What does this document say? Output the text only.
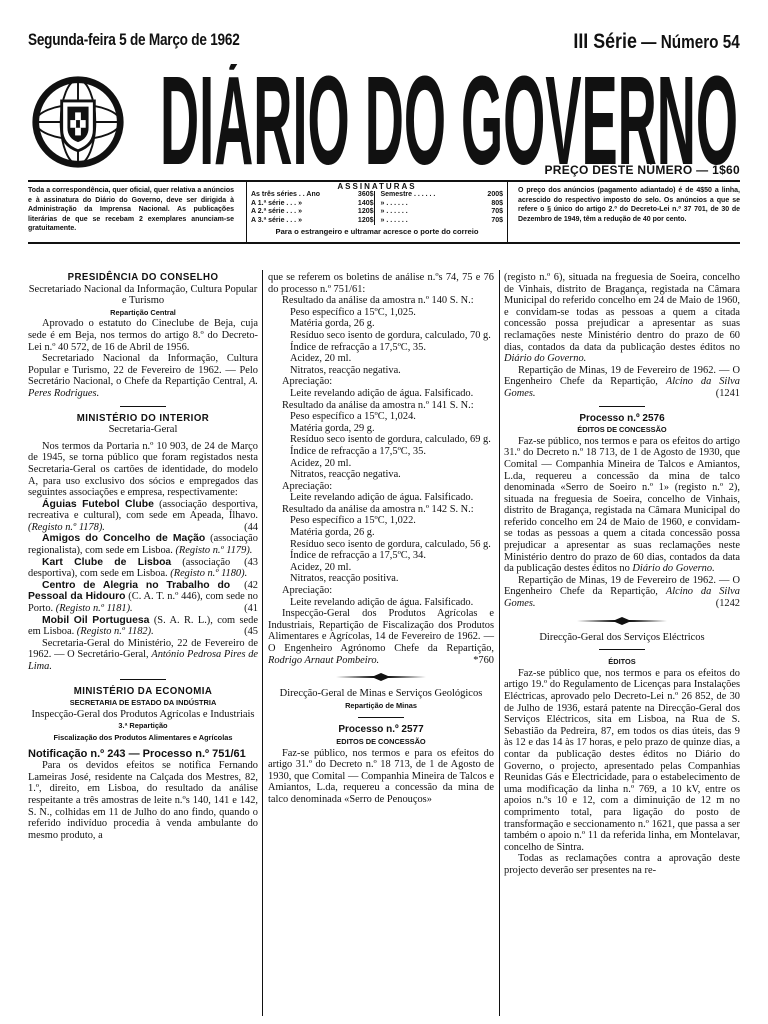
Segunda-feira 5 de Março de 1962	III Série — Número 54
DIÁRIO DO GOVERNO
PREÇO DESTE NÚMERO — 1$60
Toda a correspondência, quer oficial, quer relativa a anúncios e à assinatura do Diário do Governo, deve ser dirigida à Administração da Imprensa Nacional. As publicações literárias de que se recebam 2 exemplares anunciam-se gratuitamente.
ASSINATURAS
As três séries . . Ano	360$
A 1.ª série . . . »	140$
A 2.ª série . . . »	120$
A 3.ª série . . . »	120$
Semestre . . . . . .	200$
» . . . . . .	80$
» . . . . . .	70$
» . . . . . .	70$
Para o estrangeiro e ultramar acresce o porte do correio
O preço dos anúncios (pagamento adiantado) é de 4$50 a linha, acrescido do respectivo imposto do selo. Os anúncios a que se refere o § único do artigo 2.º do Decreto-Lei n.º 37 701, de 30 de Dezembro de 1949, têm a redução de 40 por cento.
PRESIDÊNCIA DO CONSELHO
Secretariado Nacional da Informação, Cultura Popular e Turismo
Repartição Central

Aprovado o estatuto do Cineclube de Beja, cuja sede é em Beja, nos termos do artigo 8.º do Decreto-Lei n.º 40 572, de 16 de Abril de 1956.

Secretariado Nacional da Informação, Cultura Popular e Turismo, 22 de Fevereiro de 1962. — Pelo Secretário Nacional, o Chefe da Repartição Central, A. Peres Rodrigues.

MINISTÉRIO DO INTERIOR
Secretaria-Geral

Nos termos da Portaria n.º 10 903, de 24 de Março de 1945, se torna público que foram registados nesta Secretaria-Geral os cartões de identidade, do modelo A, para uso exclusivo dos sócios e empregados das seguintes associações e empresa, respectivamente:

Águias Futebol Clube (associação desportiva, recreativa e cultural), com sede em Apeada, Ílhavo. (Registo n.º 1178).	(44

Amigos do Concelho de Mação (associação regionalista), com sede em Lisboa. (Registo n.º 1179).
(43

Kart Clube de Lisboa (associação desportiva), com sede em Lisboa. (Registo n.º 1180).
(42

Centro de Alegria no Trabalho do Pessoal da Hidouro (C. A. T. n.º 446), com sede no Porto. (Registo n.º 1181).	(41

Mobil Oil Portuguesa (S. A. R. L.), com sede em Lisboa. (Registo n.º 1182).	(45

Secretaria-Geral do Ministério, 22 de Fevereiro de 1962. — O Secretário-Geral, António Pedrosa Pires de Lima.

MINISTÉRIO DA ECONOMIA
SECRETARIA DE ESTADO DA INDÚSTRIA
Inspecção-Geral dos Produtos Agrícolas e Industriais
3.ª Repartição
Fiscalização dos Produtos Alimentares e Agrícolas
Notificação n.º 243 — Processo n.º 751/61

Para os devidos efeitos se notifica Fernando Lameiras José, residente na Calçada dos Mestres, 82, 1.º, direito, em Lisboa, do resultado da análise respeitante a três amostras de leite n.ºs 140, 141 e 142, S. N., colhidas em 11 de Julho do ano findo, quando o referido indivíduo procedia à venda ambulante do mesmo produto, a

que se referem os boletins de análise n.ºs 74, 75 e 76 do processo n.º 751/61:

Resultado da análise da amostra n.º 140 S. N.:

Peso específico a 15ºC, 1,025.

Matéria gorda, 26 g.

Resíduo seco isento de gordura, calculado, 70 g.

Índice de refracção a 17,5ºC, 35.

Acidez, 20 ml.

Nitratos, reacção negativa.

Apreciação:

Leite revelando adição de água. Falsificado.

Resultado da análise da amostra n.º 141 S. N.:

Peso específico a 15ºC, 1,024.

Matéria gorda, 29 g.

Resíduo seco isento de gordura, calculado, 69 g.

Índice de refracção a 17,5ºC, 35.

Acidez, 20 ml.

Nitratos, reacção negativa.

Apreciação:

Leite revelando adição de água. Falsificado.

Resultado da análise da amostra n.º 142 S. N.:

Peso específico a 15ºC, 1,022.

Matéria gorda, 26 g.

Resíduo seco isento de gordura, calculado, 56 g.

Índice de refracção a 17,5ºC, 34.

Acidez, 20 ml.

Nitratos, reacção positiva.

Apreciação:

Leite revelando adição de água. Falsificado.

Inspecção-Geral dos Produtos Agrícolas e Industriais, Repartição de Fiscalização dos Produtos Alimentares e Agrícolas, 14 de Fevereiro de 1962. — O Engenheiro Agrónomo Chefe da Repartição, Rodrigo Arnaut Pombeiro.	*760

Direcção-Geral de Minas e Serviços Geológicos
Repartição de Minas
Processo n.º 2577
EDITOS DE CONCESSÃO

Faz-se público, nos termos e para os efeitos do artigo 31.º do Decreto n.º 18 713, de 1 de Agosto de 1930, que Comital — Companhia Mineira de Talcos e Amiantos, L.da, requereu a concessão da mina de talco denominada «Serro de Penouços»

(registo n.º 6), situada na freguesia de Soeira, concelho de Vinhais, distrito de Bragança, registada na Câmara Municipal do referido concelho em 24 de Maio de 1960, e convidam-se todas as pessoas a quem a citada concessão possa prejudicar a apresentar as suas reclamações neste Ministério dentro do prazo de 60 dias, contados da data da publicação destes éditos no Diário do Governo.

Repartição de Minas, 19 de Fevereiro de 1962. — O Engenheiro Chefe da Repartição, Alcino da Silva Gomes.	(1241

Processo n.º 2576
ÉDITOS DE CONCESSÃO

Faz-se público, nos termos e para os efeitos do artigo 31.º do Decreto n.º 18 713, de 1 de Agosto de 1930, que Comital — Companhia Mineira de Talcos e Amiantos, L.da, requereu a concessão da mina de talco denominada «Serro de Soeiro n.º 1» (registo n.º 2), situada na freguesia de Soeira, concelho de Vinhais, distrito de Bragança, registada na Câmara Municipal do referido concelho em 24 de Maio de 1960, e convidam-se todas as pessoas a quem a citada concessão possa prejudicar a apresentar as suas reclamações neste Ministério dentro do prazo de 60 dias, contados da data da publicação destes éditos no Diário do Governo.

Repartição de Minas, 19 de Fevereiro de 1962. — O Engenheiro Chefe da Repartição, Alcino da Silva Gomes.	(1242

Direcção-Geral dos Serviços Eléctricos
ÉDITOS

Faz-se público que, nos termos e para os efeitos do artigo 19.º do Regulamento de Licenças para Instalações Eléctricas, aprovado pelo Decreto-Lei n.º 26 852, de 30 de Julho de 1936, estará patente na Direcção-Geral dos Serviços Eléctricos, sita em Lisboa, na Rua de S. Sebastião da Pedreira, 87, em todos os dias úteis, das 9 às 12 e das 14 às 17 horas, e pelo prazo de quinze dias, a contar da publicação destes éditos no Diário do Governo, o projecto, apresentado pelas Companhias Reunidas Gás e Electricidade, para o estabelecimento de uma modificação da linha n.º 769, a 10 kV, entre os apoios n.ºs 10 e 12, com a diminuição de 12 m no comprimento total, para ligação do posto de transformação e seccionamento n.º 1621, que passa a ser também o apoio n.º 11 da referida linha, em Montelavar, concelho de Sintra.

Todas as reclamações contra a aprovação deste projecto deverão ser presentes na re-
